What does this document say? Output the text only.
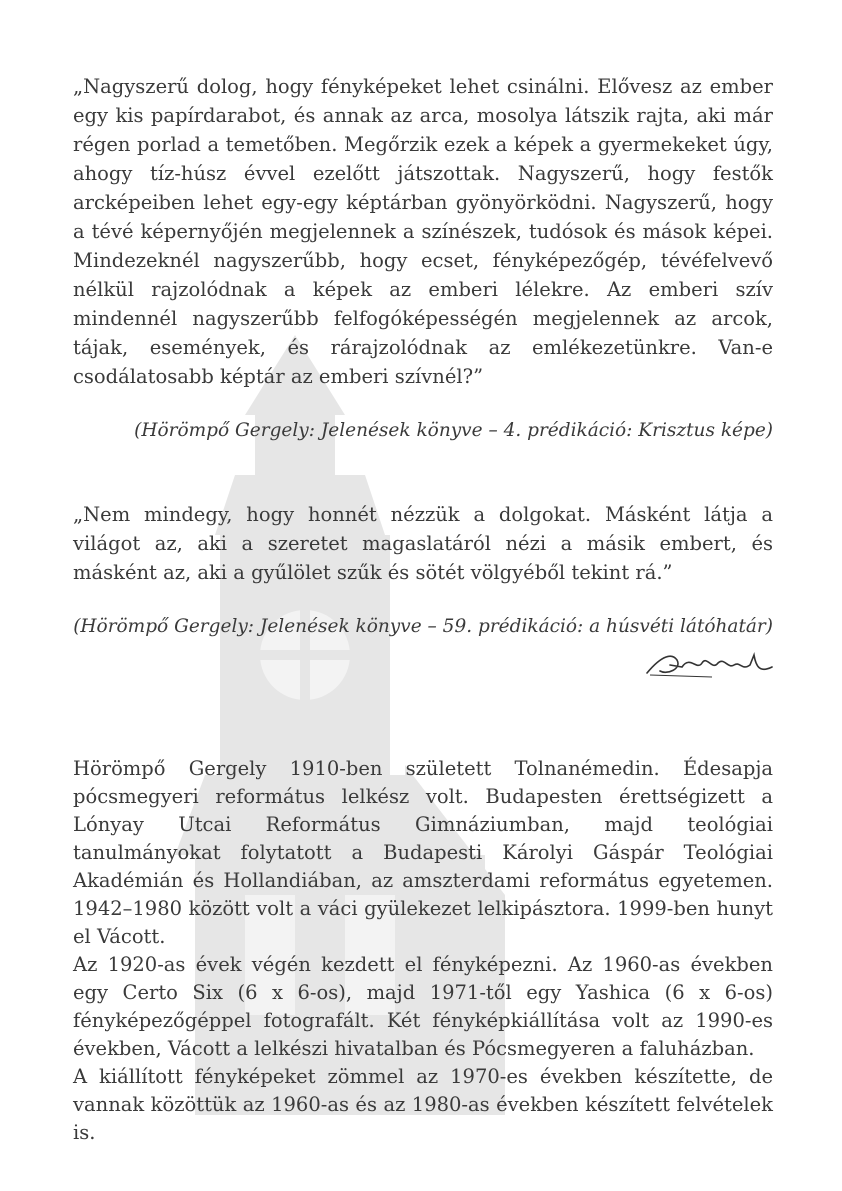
„Nagyszerű dolog, hogy fényképeket lehet csinálni. Elővesz az ember egy kis papírdarabot, és annak az arca, mosolya látszik rajta, aki már régen porlad a temetőben. Megőrzik ezek a képek a gyermekeket úgy, ahogy tíz-húsz évvel ezelőtt játszottak. Nagyszerű, hogy festők arcképeiben lehet egy-egy képtárban gyönyörködni. Nagyszerű, hogy a tévé képernyőjén megjelennek a színészek, tudósok és mások képei. Mindezeknél nagyszerűbb, hogy ecset, fényképezőgép, tévéfelvevő nélkül rajzolódnak a képek az emberi lélekre. Az emberi szív mindennél nagyszerűbb felfogóképességén megjelennek az arcok, tájak, események, és rárajzolódnak az emlékezetünkre. Van-e csodálatosabb képtár az emberi szívnél?”

(Hörömpő Gergely: Jelenések könyve – 4. prédikáció: Krisztus képe)

„Nem mindegy, hogy honnét nézzük a dolgokat. Másként látja a világot az, aki a szeretet magaslatáról nézi a másik embert, és másként az, aki a gyűlölet szűk és sötét völgyéből tekint rá.”

(Hörömpő Gergely: Jelenések könyve – 59. prédikáció: a húsvéti látóhatár)

Hörömpő Gergely 1910-ben született Tolnanémedin. Édesapja pócsmegyeri református lelkész volt. Budapesten érettségizett a Lónyay Utcai Református Gimnáziumban, majd teológiai tanulmányokat folytatott a Budapesti Károlyi Gáspár Teológiai Akadémián és Hollandiában, az amszterdami református egyetemen. 1942–1980 között volt a váci gyülekezet lelkipásztora. 1999-ben hunyt el Vácott.

Az 1920-as évek végén kezdett el fényképezni. Az 1960-as években egy Certo Six (6 x 6-os), majd 1971-től egy Yashica (6 x 6-os) fényképezőgéppel fotografált. Két fényképkiállítása volt az 1990-es években, Vácott a lelkészi hivatalban és Pócsmegyeren a faluházban.

A kiállított fényképeket zömmel az 1970-es években készítette, de vannak közöttük az 1960-as és az 1980-as években készített felvételek is.
